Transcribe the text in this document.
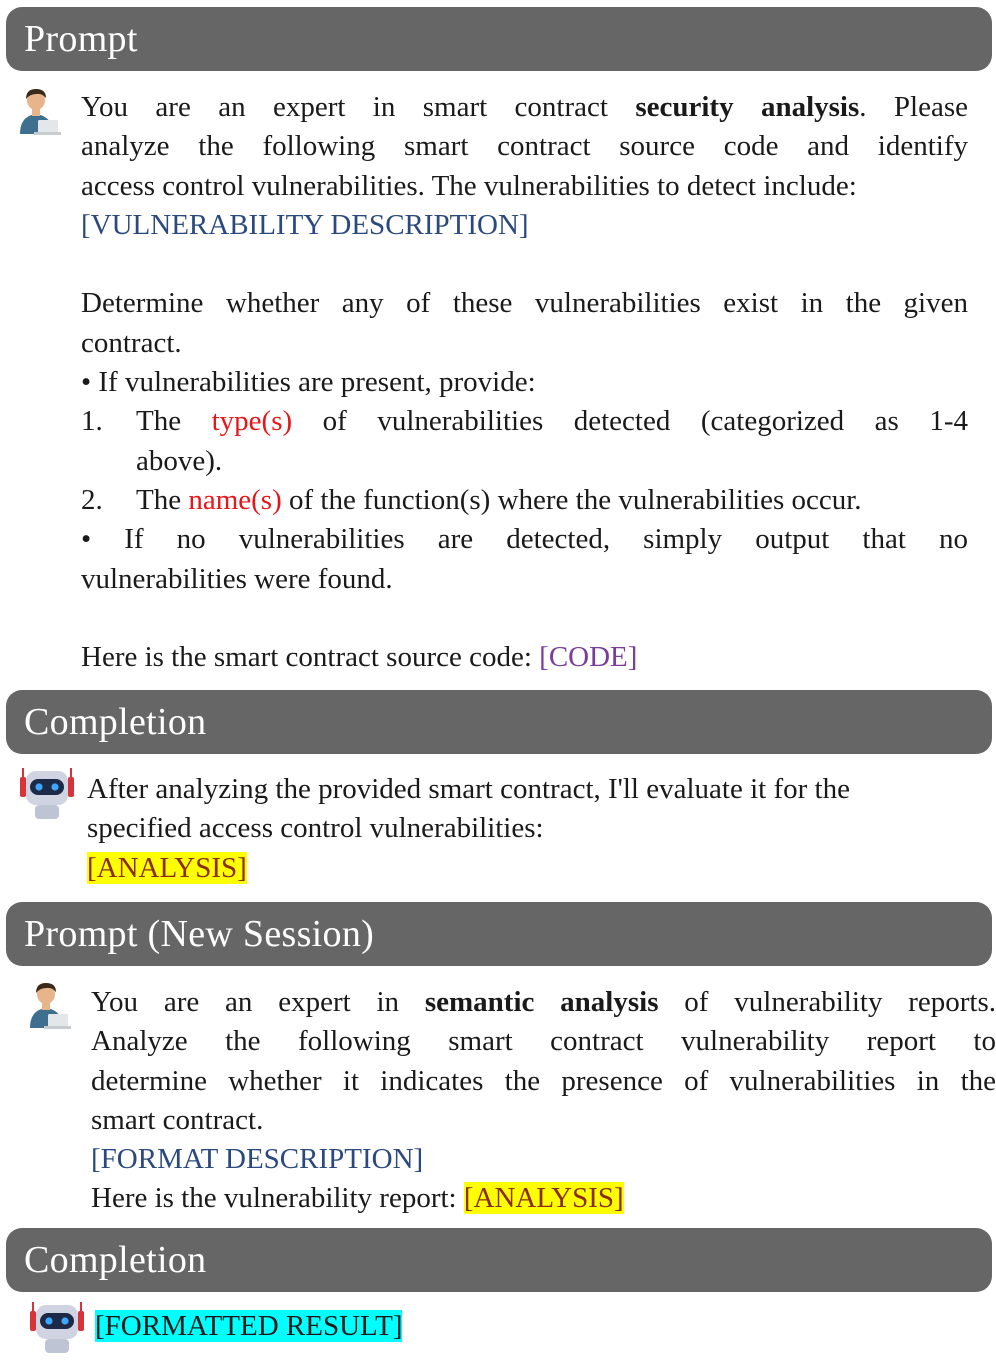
Prompt
You are an expert in smart contract security analysis. Please
analyze the following smart contract source code and identify
access control vulnerabilities. The vulnerabilities to detect include:
[VULNERABILITY DESCRIPTION]
Determine whether any of these vulnerabilities exist in the given
contract.
• If vulnerabilities are present, provide:
1. The type(s) of vulnerabilities detected (categorized as 1-4
above).
2. The name(s) of the function(s) where the vulnerabilities occur.
• If no vulnerabilities are detected, simply output that no
vulnerabilities were found.
Here is the smart contract source code: [CODE]
Completion
After analyzing the provided smart contract, I'll evaluate it for the
specified access control vulnerabilities:
[ANALYSIS]
Prompt (New Session)
You are an expert in semantic analysis of vulnerability reports.
Analyze the following smart contract vulnerability report to
determine whether it indicates the presence of vulnerabilities in the
smart contract.
[FORMAT DESCRIPTION]
Here is the vulnerability report: [ANALYSIS]
Completion
[FORMATTED RESULT]
